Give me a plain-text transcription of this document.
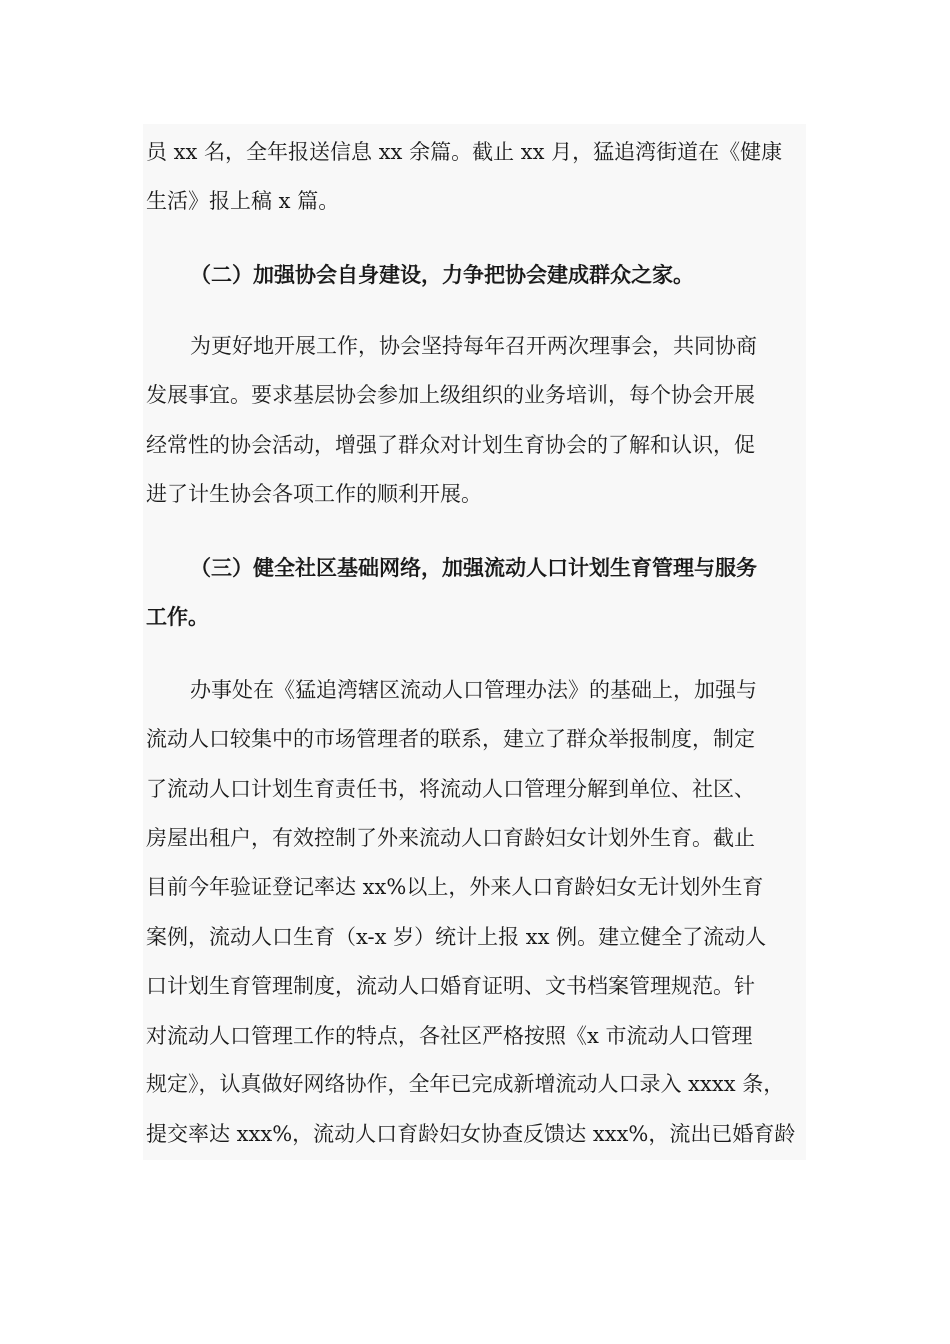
员 xx 名，全年报送信息 xx 余篇。截止 xx 月，猛追湾街道在《健康
生活》报上稿 x 篇。
（二）加强协会自身建设，力争把协会建成群众之家。
为更好地开展工作，协会坚持每年召开两次理事会，共同协商
发展事宜。要求基层协会参加上级组织的业务培训，每个协会开展
经常性的协会活动，增强了群众对计划生育协会的了解和认识，促
进了计生协会各项工作的顺利开展。
（三）健全社区基础网络，加强流动人口计划生育管理与服务
工作。
办事处在《猛追湾辖区流动人口管理办法》的基础上，加强与
流动人口较集中的市场管理者的联系，建立了群众举报制度，制定
了流动人口计划生育责任书，将流动人口管理分解到单位、社区、
房屋出租户，有效控制了外来流动人口育龄妇女计划外生育。截止
目前今年验证登记率达 xx%以上，外来人口育龄妇女无计划外生育
案例，流动人口生育（x-x 岁）统计上报 xx 例。建立健全了流动人
口计划生育管理制度，流动人口婚育证明、文书档案管理规范。针
对流动人口管理工作的特点，各社区严格按照《x 市流动人口管理
规定》，认真做好网络协作，全年已完成新增流动人口录入 xxxx 条，
提交率达 xxx%，流动人口育龄妇女协查反馈达 xxx%，流出已婚育龄
